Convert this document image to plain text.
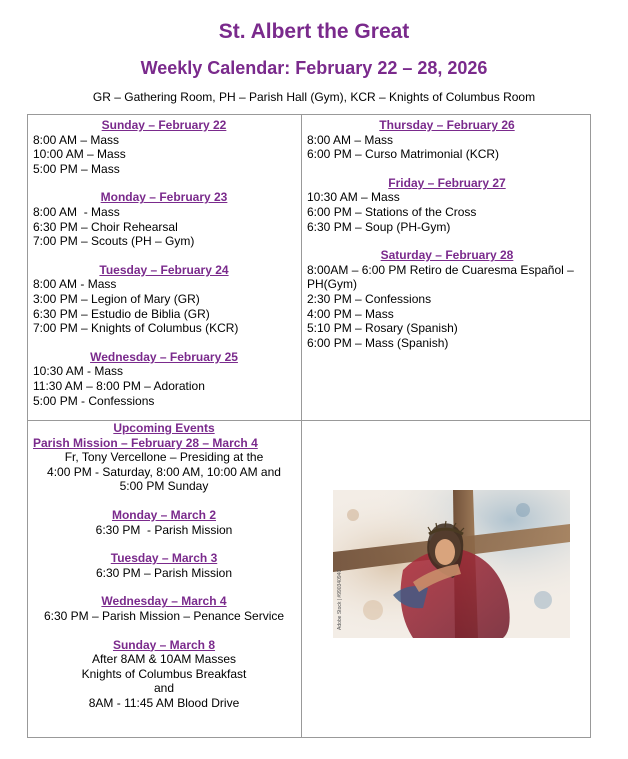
St. Albert the Great
Weekly Calendar: February 22 – 28, 2026
GR – Gathering Room, PH – Parish Hall (Gym), KCR – Knights of Columbus Room
Sunday – February 22
8:00 AM – Mass
10:00 AM – Mass
5:00 PM – Mass
Monday – February 23
8:00 AM  - Mass
6:30 PM – Choir Rehearsal
7:00 PM – Scouts (PH – Gym)
Tuesday – February 24
8:00 AM - Mass
3:00 PM – Legion of Mary (GR)
6:30 PM – Estudio de Biblia (GR)
7:00 PM – Knights of Columbus (KCR)
Wednesday – February 25
10:30 AM - Mass
11:30 AM – 8:00 PM – Adoration
5:00 PM - Confessions
Thursday – February 26
8:00 AM – Mass
6:00 PM – Curso Matrimonial (KCR)
Friday – February 27
10:30 AM – Mass
6:00 PM – Stations of the Cross
6:30 PM – Soup (PH-Gym)
Saturday – February 28
8:00AM – 6:00 PM Retiro de Cuaresma Español – PH(Gym)
2:30 PM – Confessions
4:00 PM – Mass
5:10 PM – Rosary (Spanish)
6:00 PM – Mass (Spanish)
Upcoming Events
Parish Mission – February 28 – March 4
Fr, Tony Vercellone – Presiding at the
4:00 PM - Saturday, 8:00 AM, 10:00 AM and
5:00 PM Sunday
Monday – March 2
6:30 PM  - Parish Mission
Tuesday – March 3
6:30 PM – Parish Mission
Wednesday – March 4
6:30 PM – Parish Mission – Penance Service
Sunday – March 8
After 8AM & 10AM Masses
Knights of Columbus Breakfast
and
8AM - 11:45 AM Blood Drive
Adobe Stock | #990340940
